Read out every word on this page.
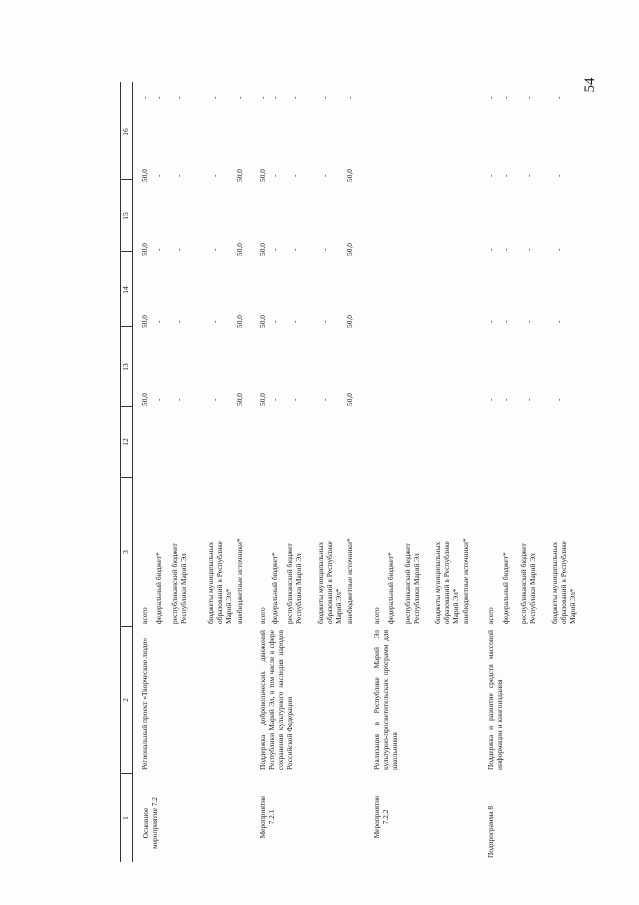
54
1
2
3
12
13
14
15
16
Основное мероприятие 7.2
Региональный проект «Творческие люди»
всего федеральный бюджет* республиканский бюджет Республики Марий Эл бюджеты муниципальных образований в Республике Марий Эл* внебюджетные источники*
50,0
50,0
50,0
50,0
-
-
-
-
-
-
-
-
-
-
-
-
-
-
-
-
50,0
50,0
50,0
50,0
-
Мероприятие 7.2.1
Поддержка добровольческих движений Республики Марий Эл, в том числе в сфере сохранения культурного наследия народов Российской Федерации
всего федеральный бюджет* республиканский бюджет Республики Марий Эл бюджеты муниципальных образований в Республике Марий Эл* внебюджетные источники*
50,0
50,0
50,0
50,0
-
-
-
-
-
-
-
-
-
-
-
-
-
-
-
-
50,0
50,0
50,0
50,0
-
Мероприятие 7.2.2
Реализация в Республике Марий Эл культурно-просветительских программ для школьников
всего федеральный бюджет* республиканский бюджет Республики Марий Эл бюджеты муниципальных образований в Республике Марий Эл* внебюджетные источники*
Подпрограмма 8
Поддержка и развитие средств массовой информации и книгоиздания
всего федеральный бюджет* республиканский бюджет Республики Марий Эл бюджеты муниципальных образований в Республике Марий Эл*
-
-
-
-
-
-
-
-
-
-
-
-
-
-
-
-
-
-
-
-
